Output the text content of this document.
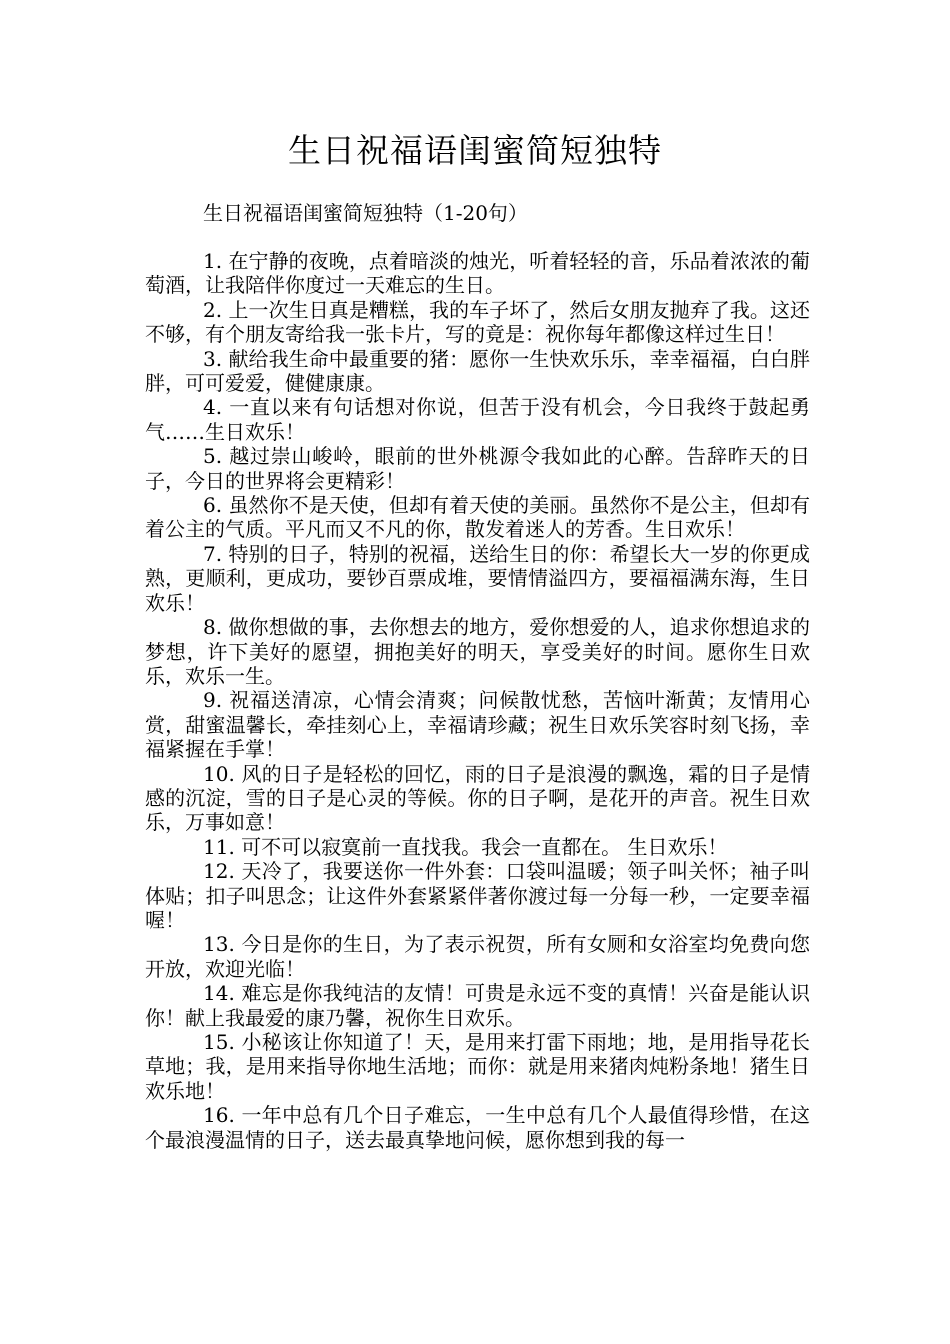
生日祝福语闺蜜简短独特
生日祝福语闺蜜简短独特（1-20句）

1. 在宁静的夜晚，点着暗淡的烛光，听着轻轻的音，乐品着浓浓的葡萄酒，让我陪伴你度过一天难忘的生日。

2. 上一次生日真是糟糕，我的车子坏了，然后女朋友抛弃了我。这还不够，有个朋友寄给我一张卡片，写的竟是：祝你每年都像这样过生日！

3. 献给我生命中最重要的猪：愿你一生快欢乐乐，幸幸福福，白白胖胖，可可爱爱，健健康康。

4. 一直以来有句话想对你说，但苦于没有机会，今日我终于鼓起勇气……生日欢乐！

5. 越过崇山峻岭，眼前的世外桃源令我如此的心醉。告辞昨天的日子，今日的世界将会更精彩！

6. 虽然你不是天使，但却有着天使的美丽。虽然你不是公主，但却有着公主的气质。平凡而又不凡的你，散发着迷人的芳香。生日欢乐！

7. 特别的日子，特别的祝福，送给生日的你：希望长大一岁的你更成熟，更顺利，更成功，要钞百票成堆，要情情溢四方，要福福满东海，生日欢乐！

8. 做你想做的事，去你想去的地方，爱你想爱的人，追求你想追求的梦想，许下美好的愿望，拥抱美好的明天，享受美好的时间。愿你生日欢乐，欢乐一生。

9. 祝福送清凉，心情会清爽；问候散忧愁，苦恼叶渐黄；友情用心赏，甜蜜温馨长，牵挂刻心上，幸福请珍藏；祝生日欢乐笑容时刻飞扬，幸福紧握在手掌！

10. 风的日子是轻松的回忆，雨的日子是浪漫的飘逸，霜的日子是情感的沉淀，雪的日子是心灵的等候。你的日子啊，是花开的声音。祝生日欢乐，万事如意！

11. 可不可以寂寞前一直找我。我会一直都在。 生日欢乐！

12. 天冷了，我要送你一件外套：口袋叫温暖；领子叫关怀；袖子叫体贴；扣子叫思念；让这件外套紧紧伴著你渡过每一分每一秒，一定要幸福喔！

13. 今日是你的生日，为了表示祝贺，所有女厕和女浴室均免费向您开放，欢迎光临！

14. 难忘是你我纯洁的友情！可贵是永远不变的真情！兴奋是能认识你！献上我最爱的康乃馨，祝你生日欢乐。

15. 小秘该让你知道了！天，是用来打雷下雨地；地，是用指导花长草地；我，是用来指导你地生活地；而你：就是用来猪肉炖粉条地！猪生日欢乐地！

16. 一年中总有几个日子难忘，一生中总有几个人最值得珍惜，在这个最浪漫温情的日子，送去最真挚地问候，愿你想到我的每一
